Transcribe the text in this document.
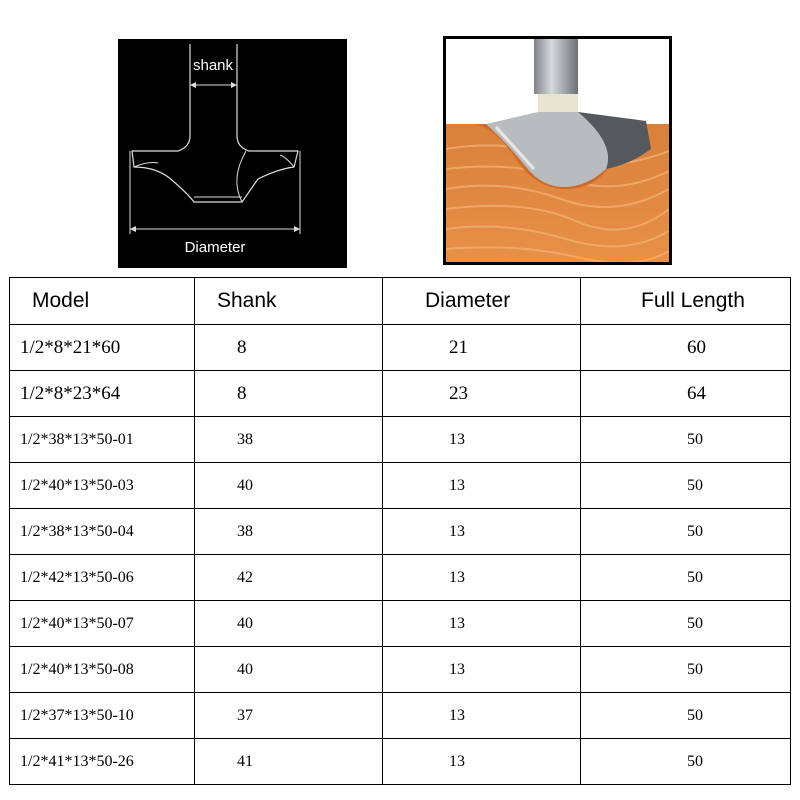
shank
Diameter
Model	Shank	Diameter	Full Length
1/2*8*21*60	8	21	60
1/2*8*23*64	8	23	64
1/2*38*13*50-01	38	13	50
1/2*40*13*50-03	40	13	50
1/2*38*13*50-04	38	13	50
1/2*42*13*50-06	42	13	50
1/2*40*13*50-07	40	13	50
1/2*40*13*50-08	40	13	50
1/2*37*13*50-10	37	13	50
1/2*41*13*50-26	41	13	50
